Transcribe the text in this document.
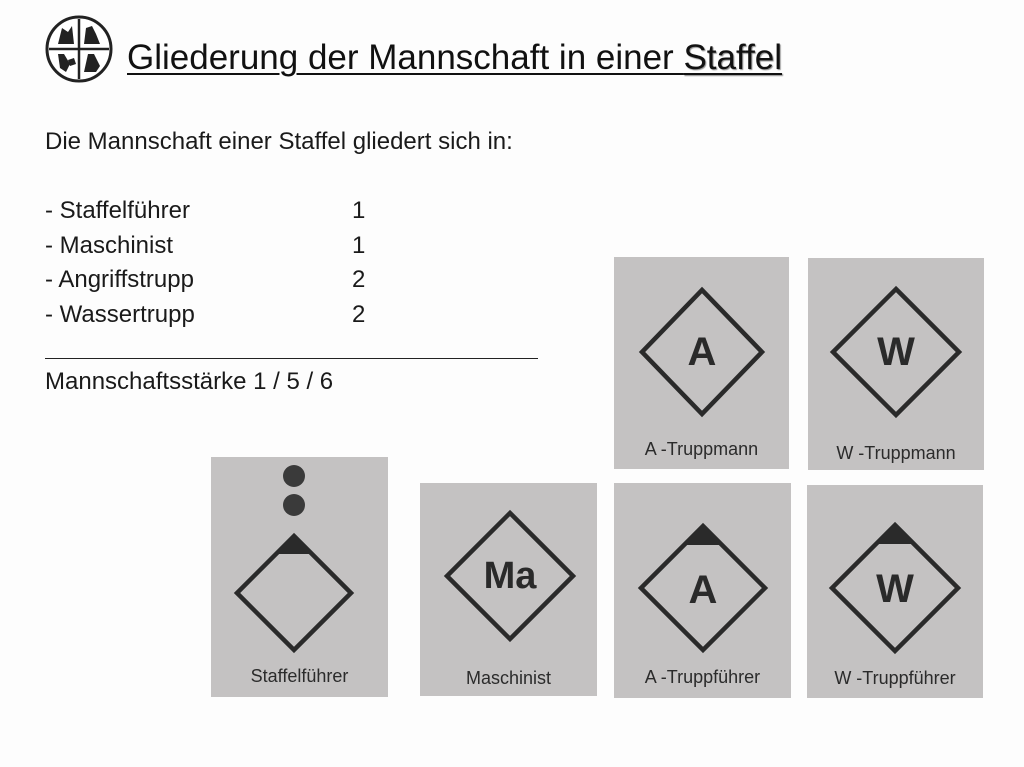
Gliederung der Mannschaft in einer Staffel
Die Mannschaft einer Staffel gliedert sich in:
- Staffelführer	1
- Maschinist	1
- Angriffstrupp	2
- Wassertrupp	2
Mannschaftsstärke 1 / 5 / 6
A
A -Truppmann
W
W -Truppmann
Staffelführer
Ma
Maschinist
A
A -Truppführer
W
W -Truppführer
